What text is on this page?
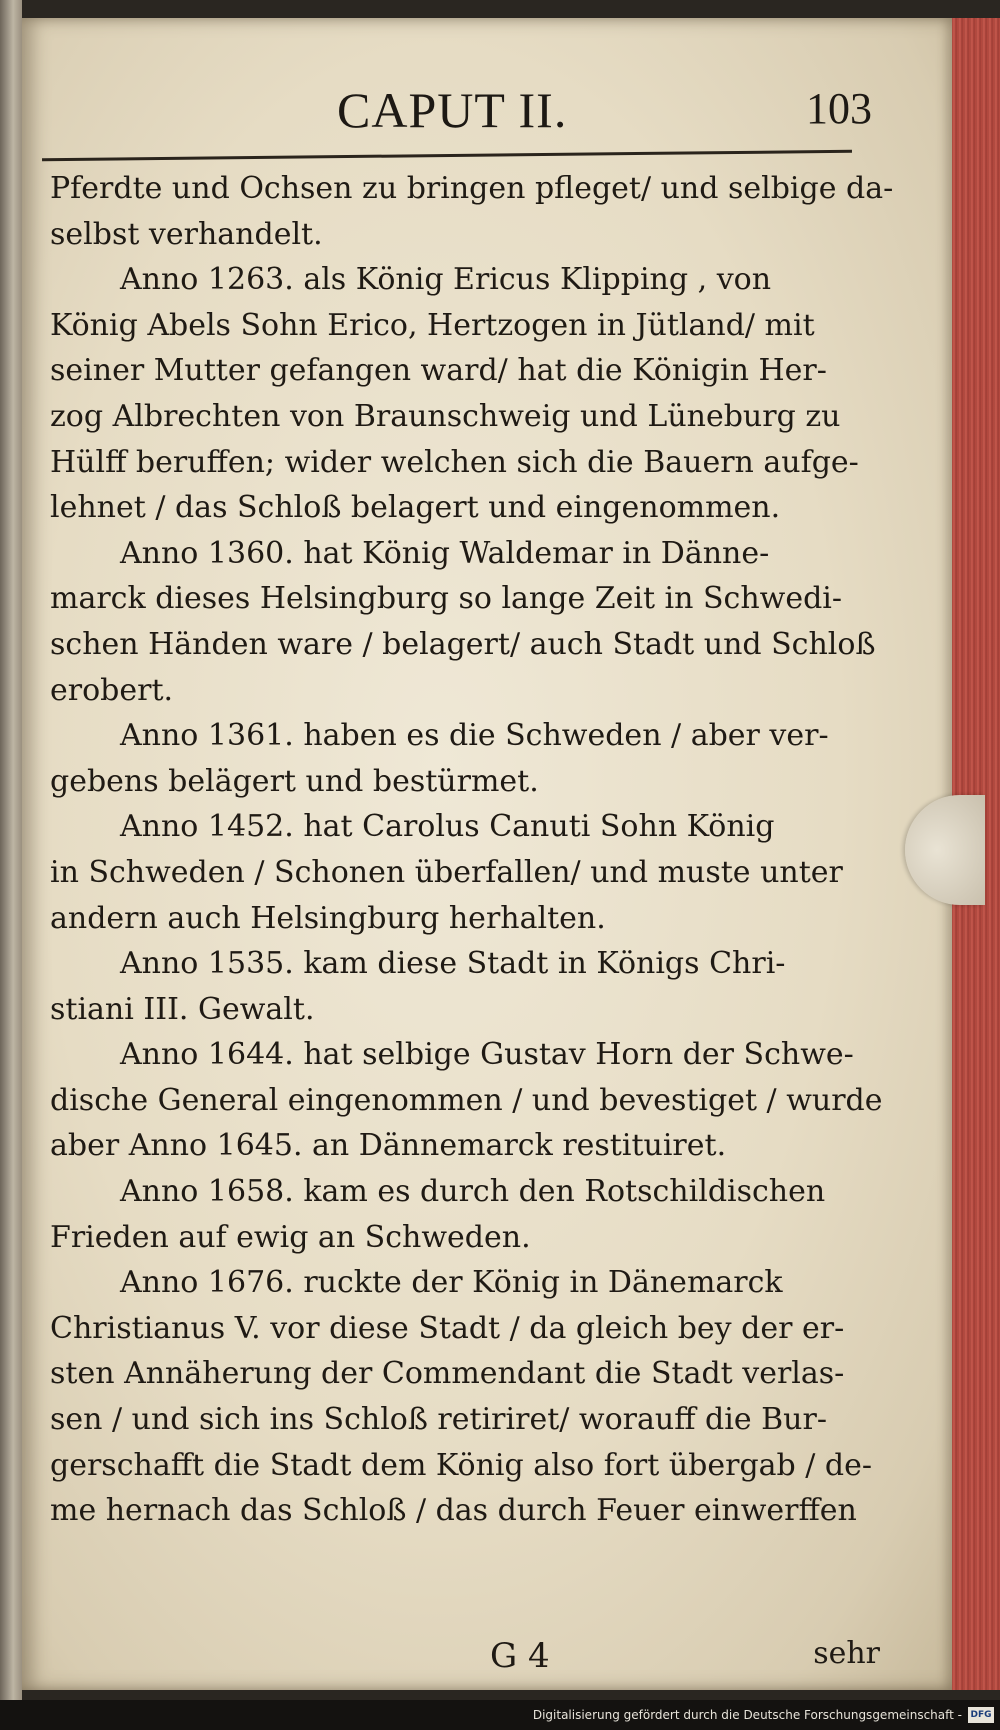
CAPUT II.	103
Pferdte und Ochsen zu bringen pfleget/ und selbige da-
selbst verhandelt.
Anno 1263. als König Ericus Klipping , von
König Abels Sohn Erico, Hertzogen in Jütland/ mit
seiner Mutter gefangen ward/ hat die Königin Her-
zog Albrechten von Braunschweig und Lüneburg zu
Hülff beruffen; wider welchen sich die Bauern aufge-
lehnet / das Schloß belagert und eingenommen.
Anno 1360. hat König Waldemar in Dänne-
marck dieses Helsingburg so lange Zeit in Schwedi-
schen Händen ware / belagert/ auch Stadt und Schloß
erobert.
Anno 1361. haben es die Schweden / aber ver-
gebens belägert und bestürmet.
Anno 1452. hat Carolus Canuti Sohn König
in Schweden / Schonen überfallen/ und muste unter
andern auch Helsingburg herhalten.
Anno 1535. kam diese Stadt in Königs Chri-
stiani III. Gewalt.
Anno 1644. hat selbige Gustav Horn der Schwe-
dische General eingenommen / und bevestiget / wurde
aber Anno 1645. an Dännemarck restituiret.
Anno 1658. kam es durch den Rotschildischen
Frieden auf ewig an Schweden.
Anno 1676. ruckte der König in Dänemarck
Christianus V. vor diese Stadt / da gleich bey der er-
sten Annäherung der Commendant die Stadt verlas-
sen / und sich ins Schloß retiriret/ worauff die Bur-
gerschafft die Stadt dem König also fort übergab / de-
me hernach das Schloß / das durch Feuer einwerffen
G 4	sehr
Digitalisierung gefördert durch die Deutsche Forschungsgemeinschaft - DFG
